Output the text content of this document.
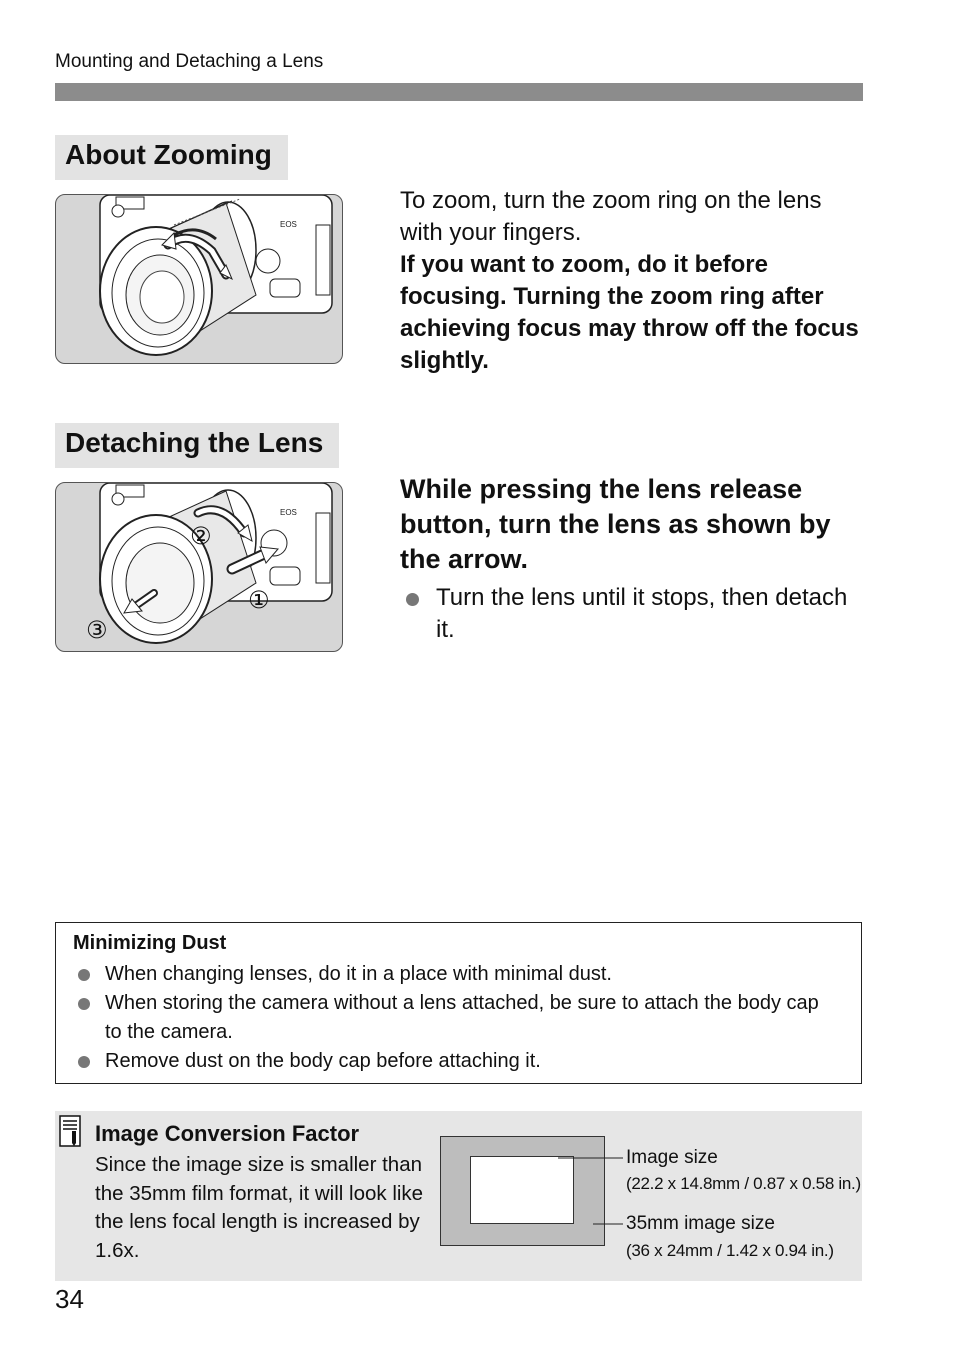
Mounting and Detaching a Lens
About Zooming
EOS
To zoom, turn the zoom ring on the lens with your fingers.
If you want to zoom, do it before focusing. Turning the zoom ring after achieving focus may throw off the focus slightly.
Detaching the Lens
EOS
②
①
③
While pressing the lens release button, turn the lens as shown by the arrow.
Turn the lens until it stops, then detach it.
Minimizing Dust
When changing lenses, do it in a place with minimal dust.
When storing the camera without a lens attached, be sure to attach the body cap to the camera.
Remove dust on the body cap before attaching it.
Image Conversion Factor
Since the image size is smaller than the 35mm film format, it will look like the lens focal length is increased by 1.6x.
Image size
(22.2 x 14.8mm / 0.87 x 0.58 in.)
35mm image size
(36 x 24mm / 1.42 x 0.94 in.)
34
